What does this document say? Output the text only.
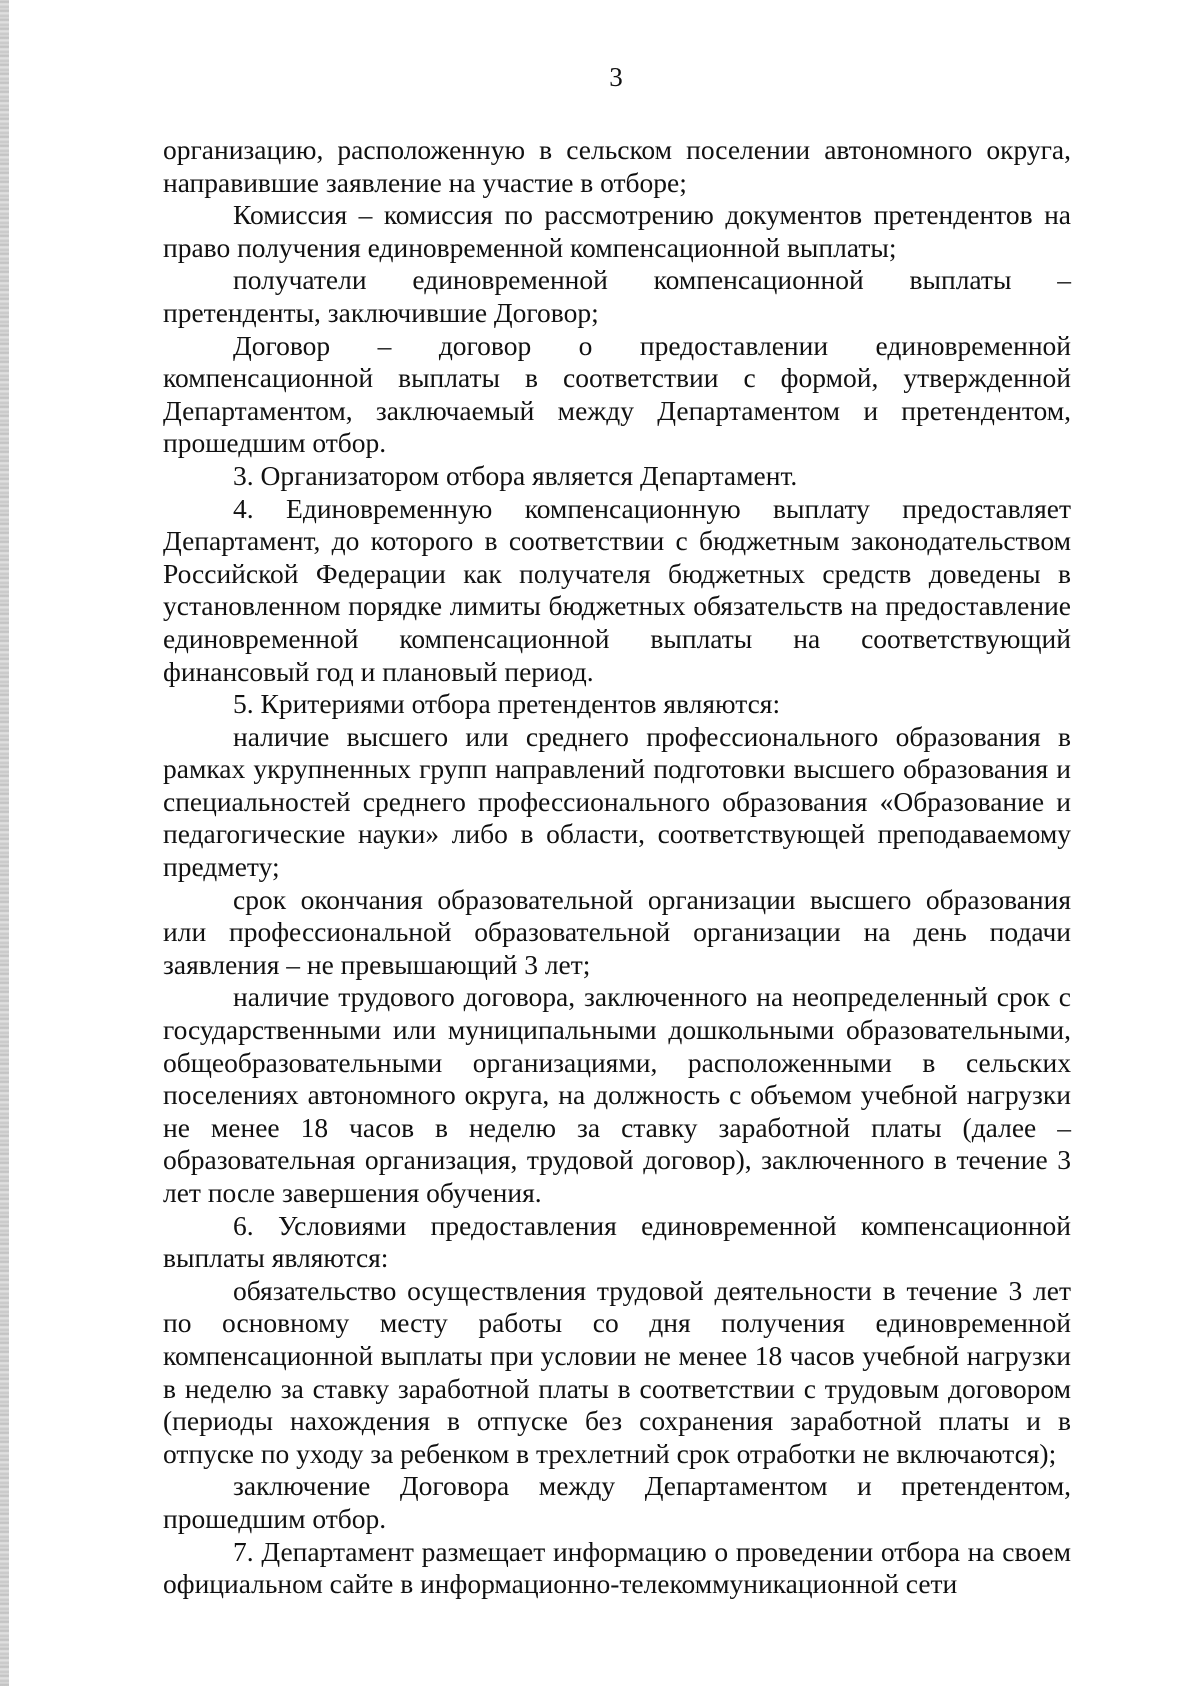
3

организацию, расположенную в сельском поселении автономного округа, направившие заявление на участие в отборе;

Комиссия – комиссия по рассмотрению документов претендентов на право получения единовременной компенсационной выплаты;

получатели единовременной компенсационной выплаты – претенденты, заключившие Договор;

Договор – договор о предоставлении единовременной компенсационной выплаты в соответствии с формой, утвержденной Департаментом, заключаемый между Департаментом и претендентом, прошедшим отбор.

3. Организатором отбора является Департамент.

4. Единовременную компенсационную выплату предоставляет Департамент, до которого в соответствии с бюджетным законодательством Российской Федерации как получателя бюджетных средств доведены в установленном порядке лимиты бюджетных обязательств на предоставление единовременной компенсационной выплаты на соответствующий финансовый год и плановый период.

5. Критериями отбора претендентов являются:

наличие высшего или среднего профессионального образования в рамках укрупненных групп направлений подготовки высшего образования и специальностей среднего профессионального образования «Образование и педагогические науки» либо в области, соответствующей преподаваемому предмету;

срок окончания образовательной организации высшего образования или профессиональной образовательной организации на день подачи заявления – не превышающий 3 лет;

наличие трудового договора, заключенного на неопределенный срок с государственными или муниципальными дошкольными образовательными, общеобразовательными организациями, расположенными в сельских поселениях автономного округа, на должность с объемом учебной нагрузки не менее 18 часов в неделю за ставку заработной платы (далее – образовательная организация, трудовой договор), заключенного в течение 3 лет после завершения обучения.

6. Условиями предоставления единовременной компенсационной выплаты являются:

обязательство осуществления трудовой деятельности в течение 3 лет по основному месту работы со дня получения единовременной компенсационной выплаты при условии не менее 18 часов учебной нагрузки в неделю за ставку заработной платы в соответствии с трудовым договором (периоды нахождения в отпуске без сохранения заработной платы и в отпуске по уходу за ребенком в трехлетний срок отработки не включаются);

заключение Договора между Департаментом и претендентом, прошедшим отбор.

7. Департамент размещает информацию о проведении отбора на своем официальном сайте в информационно-телекоммуникационной сети
